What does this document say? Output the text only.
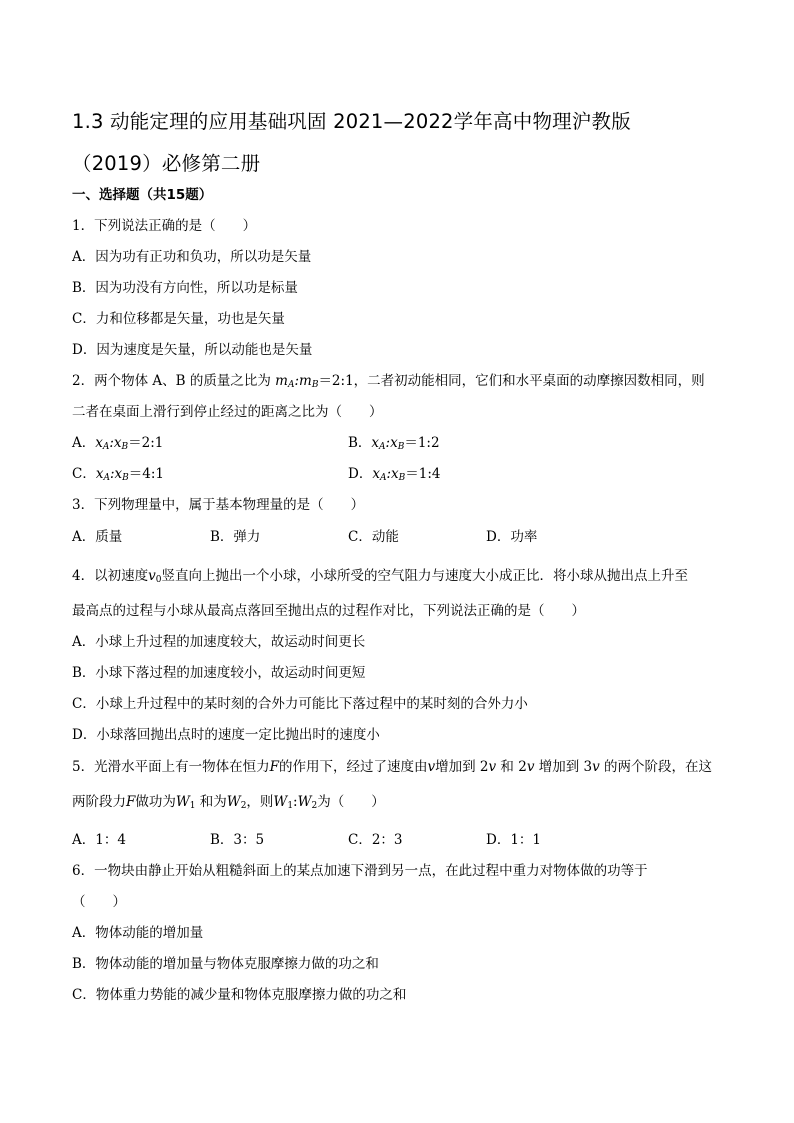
1.3 动能定理的应用基础巩固 2021—2022学年高中物理沪教版
（2019）必修第二册
一、选择题（共15题）
1．下列说法正确的是（　　）
A．因为功有正功和负功，所以功是矢量
B．因为功没有方向性，所以功是标量
C．力和位移都是矢量，功也是矢量
D．因为速度是矢量，所以动能也是矢量
2．两个物体 A、B 的质量之比为 $m_A:m_B=2:1$，二者初动能相同，它们和水平桌面的动摩擦因数相同，则
二者在桌面上滑行到停止经过的距离之比为（　　）
A．$x_A:x_B=2:1$	B．$x_A:x_B=1:2$
C．$x_A:x_B=4:1$	D．$x_A:x_B=1:4$
3．下列物理量中，属于基本物理量的是（　　）
A．质量	B．弹力	C．动能	D．功率
4．以初速度$v_0$竖直向上抛出一个小球，小球所受的空气阻力与速度大小成正比．将小球从抛出点上升至
最高点的过程与小球从最高点落回至抛出点的过程作对比，下列说法正确的是（　　）
A．小球上升过程的加速度较大，故运动时间更长
B．小球下落过程的加速度较小，故运动时间更短
C．小球上升过程中的某时刻的合外力可能比下落过程中的某时刻的合外力小
D．小球落回抛出点时的速度一定比抛出时的速度小
5．光滑水平面上有一物体在恒力F的作用下，经过了速度由v增加到 2v 和 2v 增加到 3v 的两个阶段，在这
两阶段力F做功为$W_1$ 和为$W_2$，则$W_1:W_2$为（　　）
A．1：4	B．3：5	C．2：3	D．1：1
6．一物块由静止开始从粗糙斜面上的某点加速下滑到另一点，在此过程中重力对物体做的功等于
（　　）
A．物体动能的增加量
B．物体动能的增加量与物体克服摩擦力做的功之和
C．物体重力势能的减少量和物体克服摩擦力做的功之和
